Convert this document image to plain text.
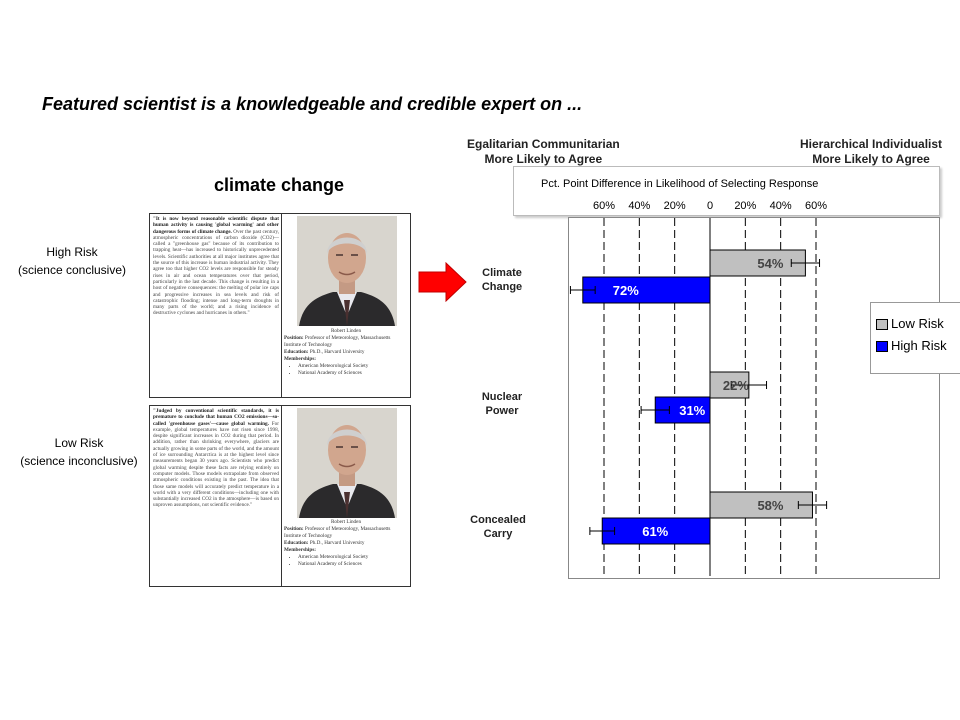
Featured scientist is a knowledgeable and credible expert on ...
climate change
High Risk
(science conclusive)
Low Risk
(science inconclusive)
"It is now beyond reasonable scientific dispute that human activity is causing 'global warming' and other dangerous forms of climate change. Over the past century, atmospheric concentrations of carbon dioxide (CO2)—called a "greenhouse gas" because of its contribution to trapping heat—has increased to historically unprecedented levels. Scientific authorities at all major institutes agree that the source of this increase is human industrial activity. They agree too that higher CO2 levels are responsible for steady rises in air and ocean temperatures over that period, particularly in the last decade. This change is resulting in a host of negative consequences: the melting of polar ice caps and progressive increases in sea levels and risk of catastrophic flooding; intense and long-term droughts in many parts of the world; and a rising incidence of destructive cyclones and hurricanes in others."
Robert Linden
Position: Professor of Meteorology, Massachusetts Institute of Technology
Education: Ph.D., Harvard University
Memberships:
• American Meteorological Society
• National Academy of Sciences
"Judged by conventional scientific standards, it is premature to conclude that human CO2 emissions—so-called 'greenhouse gases'—cause global warming. For example, global temperatures have not risen since 1998, despite significant increases in CO2 during that period. In addition, rather than shrinking everywhere, glaciers are actually growing in some parts of the world, and the amount of ice surrounding Antarctica is at the highest level since measurements began 30 years ago. Scientists who predict global warming despite these facts are relying entirely on computer models. Those models extrapolate from observed atmospheric conditions existing in the past. The idea that those same models will accurately predict temperature in a world with a very different conditions—including one with substantially increased CO2 in the atmosphere—is based on unproven assumptions, not scientific evidence."
Robert Linden
Position: Professor of Meteorology, Massachusetts Institute of Technology
Education: Ph.D., Harvard University
Memberships:
• American Meteorological Society
• National Academy of Sciences
Egalitarian Communitarian
More Likely to Agree
Hierarchical Individualist
More Likely to Agree
Pct. Point Difference in Likelihood of Selecting Response
60% 40% 20% 0 20% 40% 60%
Climate
Change
Nuclear
Power
Concealed
Carry
54%
22%
58%
72%
31%
61%
Low Risk
High Risk
